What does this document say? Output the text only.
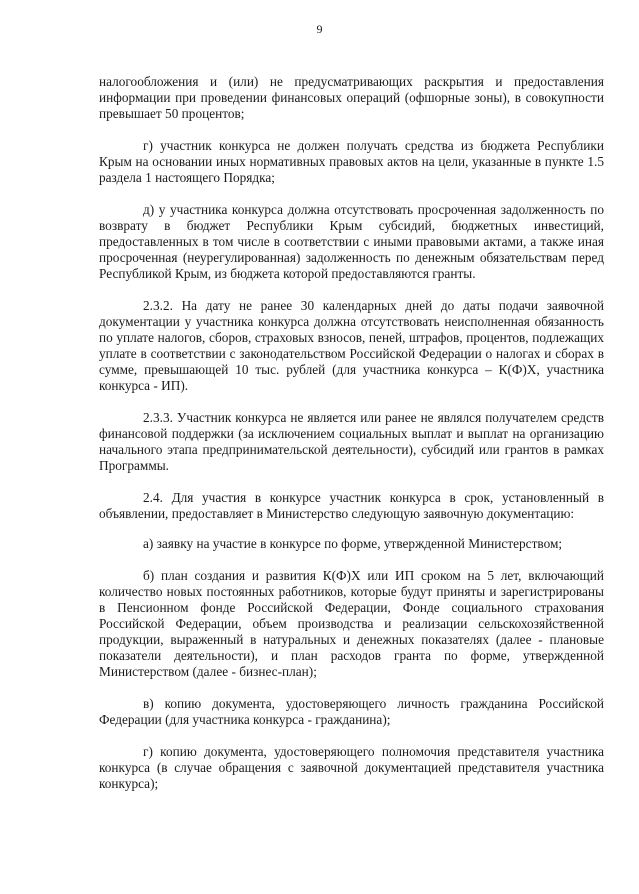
9

налогообложения и (или) не предусматривающих раскрытия и предоставления информации при проведении финансовых операций (офшорные зоны), в совокупности превышает 50 процентов;

г) участник конкурса не должен получать средства из бюджета Республики Крым на основании иных нормативных правовых актов на цели, указанные в пункте 1.5 раздела 1 настоящего Порядка;

д) у участника конкурса должна отсутствовать просроченная задолженность по возврату в бюджет Республики Крым субсидий, бюджетных инвестиций, предоставленных в том числе в соответствии с иными правовыми актами, а также иная просроченная (неурегулированная) задолженность по денежным обязательствам перед Республикой Крым, из бюджета которой предоставляются гранты.

2.3.2. На дату не ранее 30 календарных дней до даты подачи заявочной документации у участника конкурса должна отсутствовать неисполненная обязанность по уплате налогов, сборов, страховых взносов, пеней, штрафов, процентов, подлежащих уплате в соответствии с законодательством Российской Федерации о налогах и сборах в сумме, превышающей 10 тыс. рублей (для участника конкурса – К(Ф)Х, участника конкурса - ИП).

2.3.3. Участник конкурса не является или ранее не являлся получателем средств финансовой поддержки (за исключением социальных выплат и выплат на организацию начального этапа предпринимательской деятельности), субсидий или грантов в рамках Программы.

2.4. Для участия в конкурсе участник конкурса в срок, установленный в объявлении, предоставляет в Министерство следующую заявочную документацию:

а) заявку на участие в конкурсе по форме, утвержденной Министерством;

б) план создания и развития К(Ф)Х или ИП сроком на 5 лет, включающий количество новых постоянных работников, которые будут приняты и зарегистрированы в Пенсионном фонде Российской Федерации, Фонде социального страхования Российской Федерации, объем производства и реализации сельскохозяйственной продукции, выраженный в натуральных и денежных показателях (далее - плановые показатели деятельности), и план расходов гранта по форме, утвержденной Министерством (далее - бизнес-план);

в) копию документа, удостоверяющего личность гражданина Российской Федерации (для участника конкурса - гражданина);

г) копию документа, удостоверяющего полномочия представителя участника конкурса (в случае обращения с заявочной документацией представителя участника конкурса);
